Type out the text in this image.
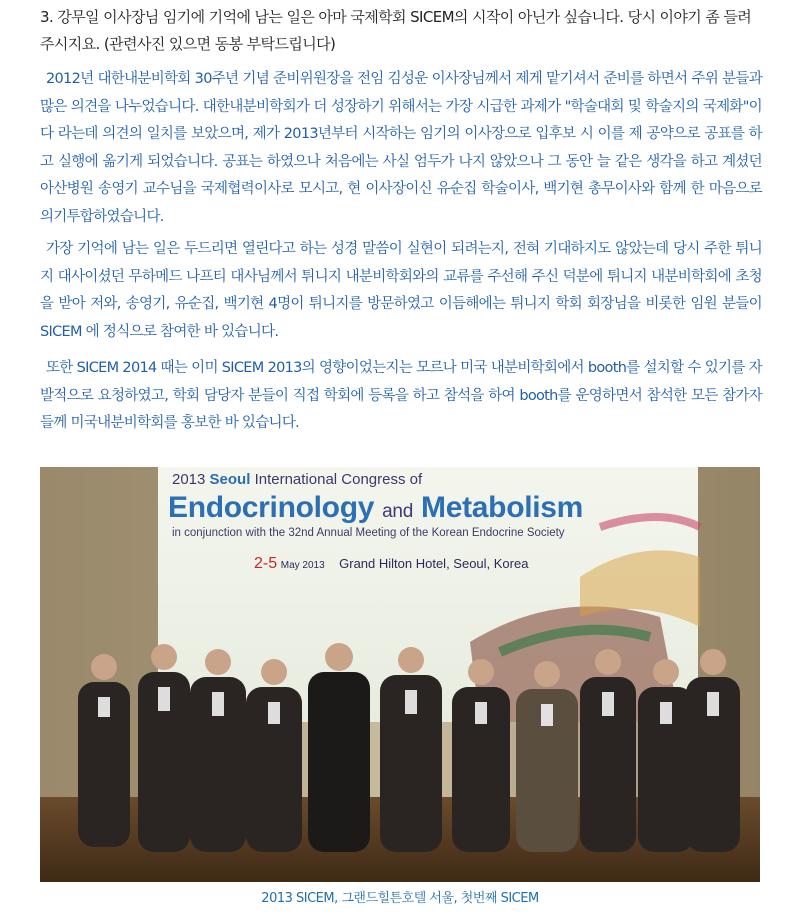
3. 강무일 이사장님 임기에 기억에 남는 일은 아마 국제학회 SICEM의 시작이 아닌가 싶습니다. 당시 이야기 좀 들려주시지요. (관련사진 있으면 동봉 부탁드립니다)

2012년 대한내분비학회 30주년 기념 준비위원장을 전임 김성운 이사장님께서 제게 맡기셔서 준비를 하면서 주위 분들과 많은 의견을 나누었습니다. 대한내분비학회가 더 성장하기 위해서는 가장 시급한 과제가 "학술대회 및 학술지의 국제화"이다 라는데 의견의 일치를 보았으며, 제가 2013년부터 시작하는 임기의 이사장으로 입후보 시 이를 제 공약으로 공표를 하고 실행에 옮기게 되었습니다. 공표는 하였으나 처음에는 사실 엄두가 나지 않았으나 그 동안 늘 같은 생각을 하고 계셨던 아산병원 송영기 교수님을 국제협력이사로 모시고, 현 이사장이신 유순집 학술이사, 백기현 총무이사와 함께 한 마음으로 의기투합하였습니다.

가장 기억에 남는 일은 두드리면 열린다고 하는 성경 말씀이 실현이 되려는지, 전혀 기대하지도 않았는데 당시 주한 튀니지 대사이셨던 무하메드 나프티 대사님께서 튀니지 내분비학회와의 교류를 주선해 주신 덕분에 튀니지 내분비학회에 초청을 받아 저와, 송영기, 유순집, 백기현 4명이 튀니지를 방문하였고 이듬해에는 튀니지 학회 회장님을 비롯한 임원 분들이 SICEM 에 정식으로 참여한 바 있습니다.

또한 SICEM 2014 때는 이미 SICEM 2013의 영향이었는지는 모르나 미국 내분비학회에서 booth를 설치할 수 있기를 자발적으로 요청하였고, 학회 담당자 분들이 직접 학회에 등록을 하고 참석을 하여 booth를 운영하면서 참석한 모든 참가자들께 미국내분비학회를 홍보한 바 있습니다.

2013 Seoul International Congress of
Endocrinology and Metabolism
in conjunction with the 32nd Annual Meeting of the Korean Endocrine Society
2-5 May 2013 Grand Hilton Hotel, Seoul, Korea
2013 SICEM, 그랜드힐튼호텔 서울, 첫번째 SICEM
